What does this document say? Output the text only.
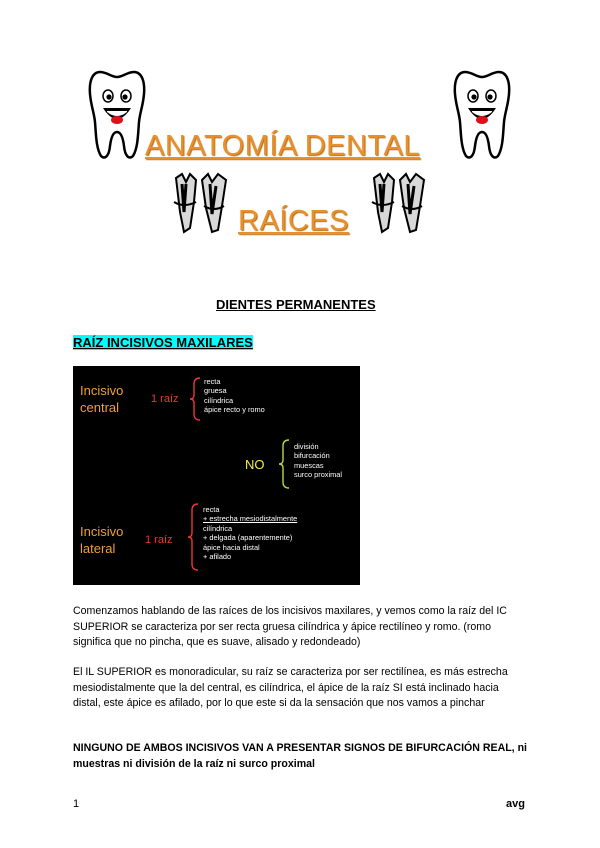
ANATOMÍA DENTAL
RAÍCES
DIENTES PERMANENTES
RAÍZ INCISIVOS MAXILARES
Incisivo
central
1 raíz
recta
gruesa
cilíndrica
ápice recto y romo
NO
división
bifurcación
muescas
surco proximal
Incisivo
lateral
1 raíz
recta
+ estrecha mesiodistalmente
cilíndrica
+ delgada (aparentemente)
ápice hacia distal
+ afilado
Comenzamos hablando de las raíces de los incisivos maxilares, y vemos como la raíz del IC SUPERIOR se caracteriza por ser recta gruesa cilíndrica y ápice rectilíneo y romo. (romo significa que no pincha, que es suave, alisado y redondeado)
El IL SUPERIOR es monoradicular, su raíz se caracteriza por ser rectilínea, es más estrecha mesiodistalmente que la del central, es cilíndrica, el ápice de la raíz SI está inclinado hacia distal, este ápice es afilado, por lo que este si da la sensación que nos vamos a pinchar
NINGUNO DE AMBOS INCISIVOS VAN A PRESENTAR SIGNOS DE BIFURCACIÓN REAL, ni muestras ni división de la raíz ni surco proximal
1	avg
